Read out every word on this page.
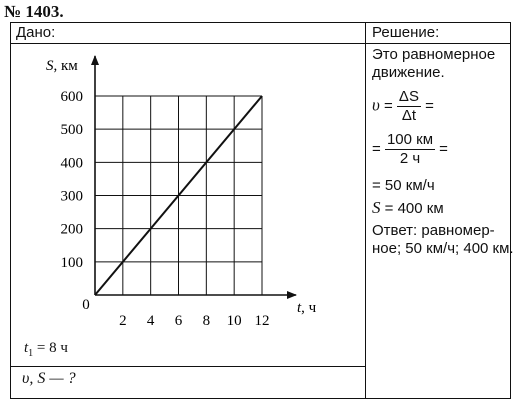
№ 1403.
Дано:	Решение:
2 4 6 8 10 12
100
200
300
400
500
600
0
S, км
t, ч
$t_1 = 8$ ч
υ, S — ?
Это равномерное
движение.
$\upsilon = \frac{\Delta S}{\Delta t}$ =
= $\frac{100 км}{2 ч}$ =
= 50 км/ч
S = 400 км
Ответ: равномер-
ное; 50 км/ч; 400 км.
